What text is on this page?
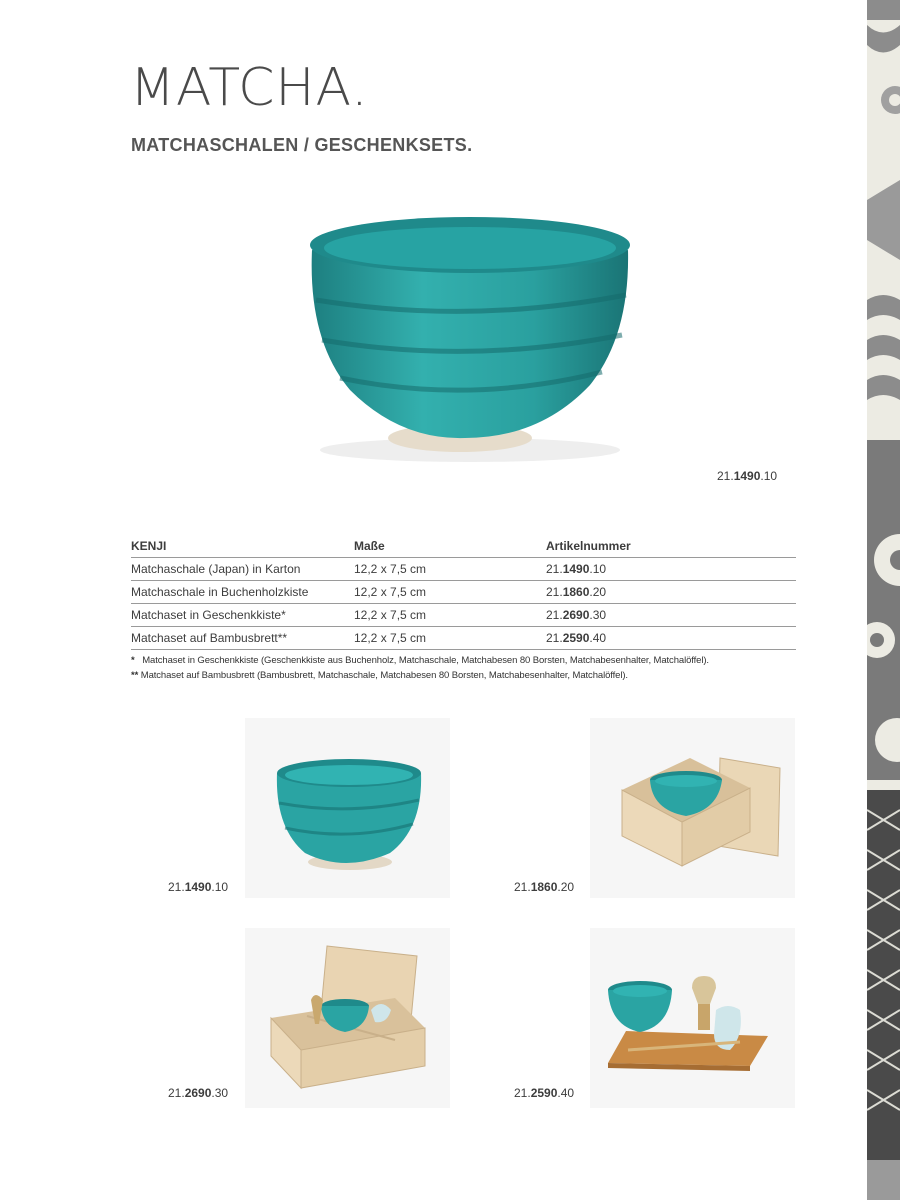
MATCHA.
MATCHASCHALEN / GESCHENKSETS.
21.1490.10
KENJI	Maße	Artikelnummer
Matchaschale (Japan) in Karton	12,2 x 7,5 cm	21.1490.10
Matchaschale in Buchenholzkiste	12,2 x 7,5 cm	21.1860.20
Matchaset in Geschenkkiste*	12,2 x 7,5 cm	21.2690.30
Matchaset auf Bambusbrett**	12,2 x 7,5 cm	21.2590.40
* Matchaset in Geschenkkiste (Geschenkkiste aus Buchenholz, Matchaschale, Matchabesen 80 Borsten, Matchabesenhalter, Matchalöffel).
** Matchaset auf Bambusbrett (Bambusbrett, Matchaschale, Matchabesen 80 Borsten, Matchabesenhalter, Matchalöffel).
21.1490.10	21.1860.20
21.2690.30	21.2590.40
